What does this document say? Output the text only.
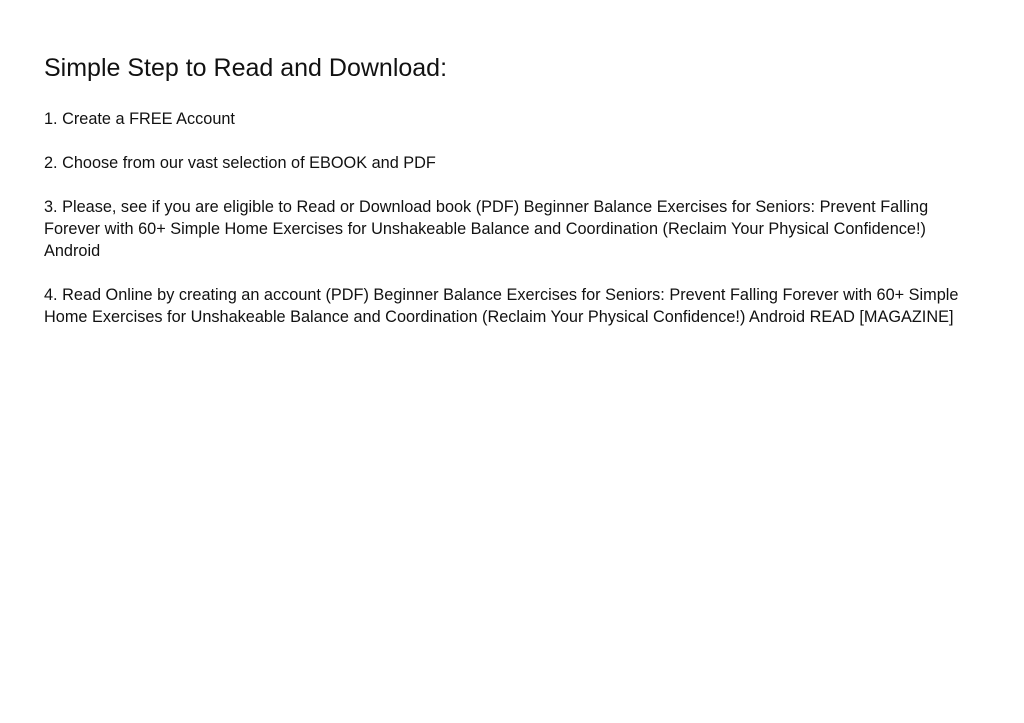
Simple Step to Read and Download:

1. Create a FREE Account

2. Choose from our vast selection of EBOOK and PDF

3. Please, see if you are eligible to Read or Download book (PDF) Beginner Balance Exercises for Seniors: Prevent Falling Forever with 60+ Simple Home Exercises for Unshakeable Balance and Coordination (Reclaim Your Physical Confidence!) Android

4. Read Online by creating an account (PDF) Beginner Balance Exercises for Seniors: Prevent Falling Forever with 60+ Simple Home Exercises for Unshakeable Balance and Coordination (Reclaim Your Physical Confidence!) Android READ [MAGAZINE]
